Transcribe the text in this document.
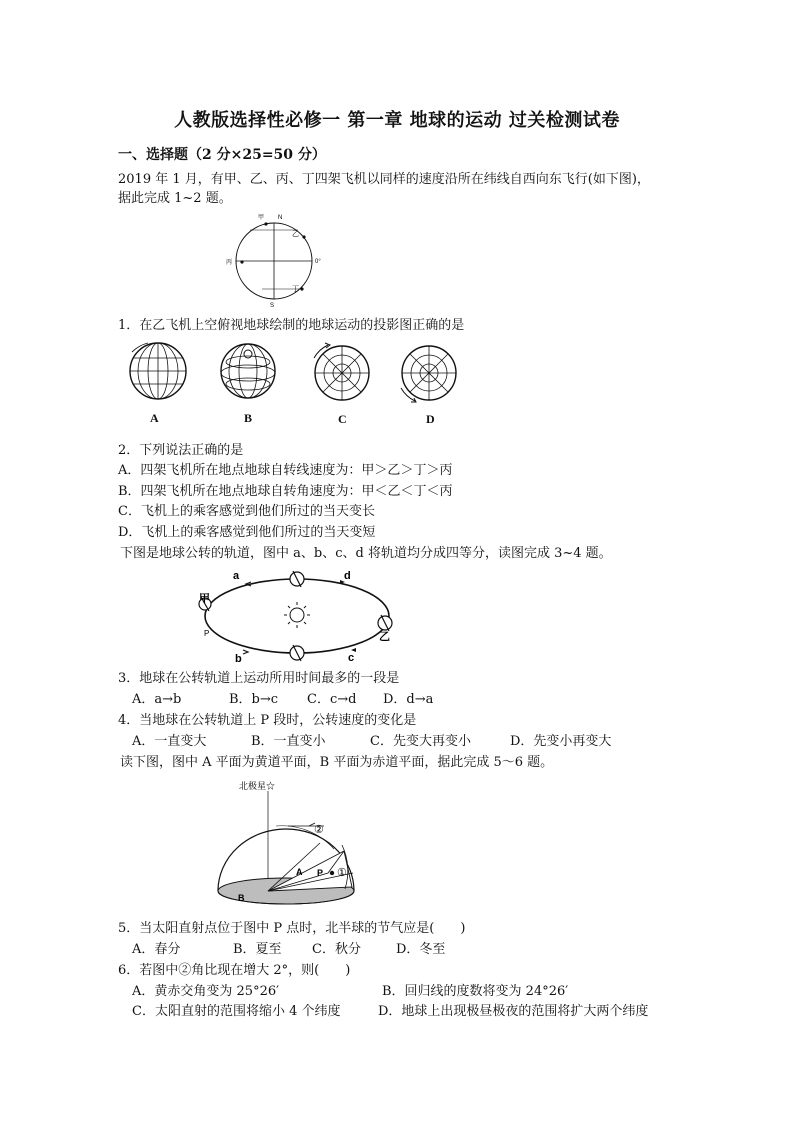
人教版选择性必修一 第一章 地球的运动 过关检测试卷
一、选择题（2 分×25=50 分）
2019 年 1 月，有甲、乙、丙、丁四架飞机以同样的速度沿所在纬线自西向东飞行(如下图)，
据此完成 1~2 题。
甲 N
乙
丙	0°
丁
S
1．在乙飞机上空俯视地球绘制的地球运动的投影图正确的是
A	B	C	D
2．下列说法正确的是
A．四架飞机所在地点地球自转线速度为：甲＞乙＞丁＞丙
B．四架飞机所在地点地球自转角速度为：甲＜乙＜丁＜丙
C．飞机上的乘客感觉到他们所过的当天变长
D．飞机上的乘客感觉到他们所过的当天变短
下图是地球公转的轨道，图中 a、b、c、d 将轨道均分成四等分，读图完成 3~4 题。
a	d
b	c
甲
乙
P
3．地球在公转轨道上运动所用时间最多的一段是
A．a→b	B．b→c C．c→d D．d→a
4．当地球在公转轨道上 P 段时，公转速度的变化是
A．一直变大	B．一直变小	C．先变大再变小	D．先变小再变大
读下图，图中 A 平面为黄道平面，B 平面为赤道平面，据此完成 5～6 题。
北极星☆
②
①
A P
B
5．当太阳直射点位于图中 P 点时，北半球的节气应是(　　)
A．春分	B．夏至 C．秋分	D．冬至
6．若图中②角比现在增大 2°，则(　　)
A．黄赤交角变为 25°26′	B．回归线的度数将变为 24°26′
C．太阳直射的范围将缩小 4 个纬度	D．地球上出现极昼极夜的范围将扩大两个纬度
